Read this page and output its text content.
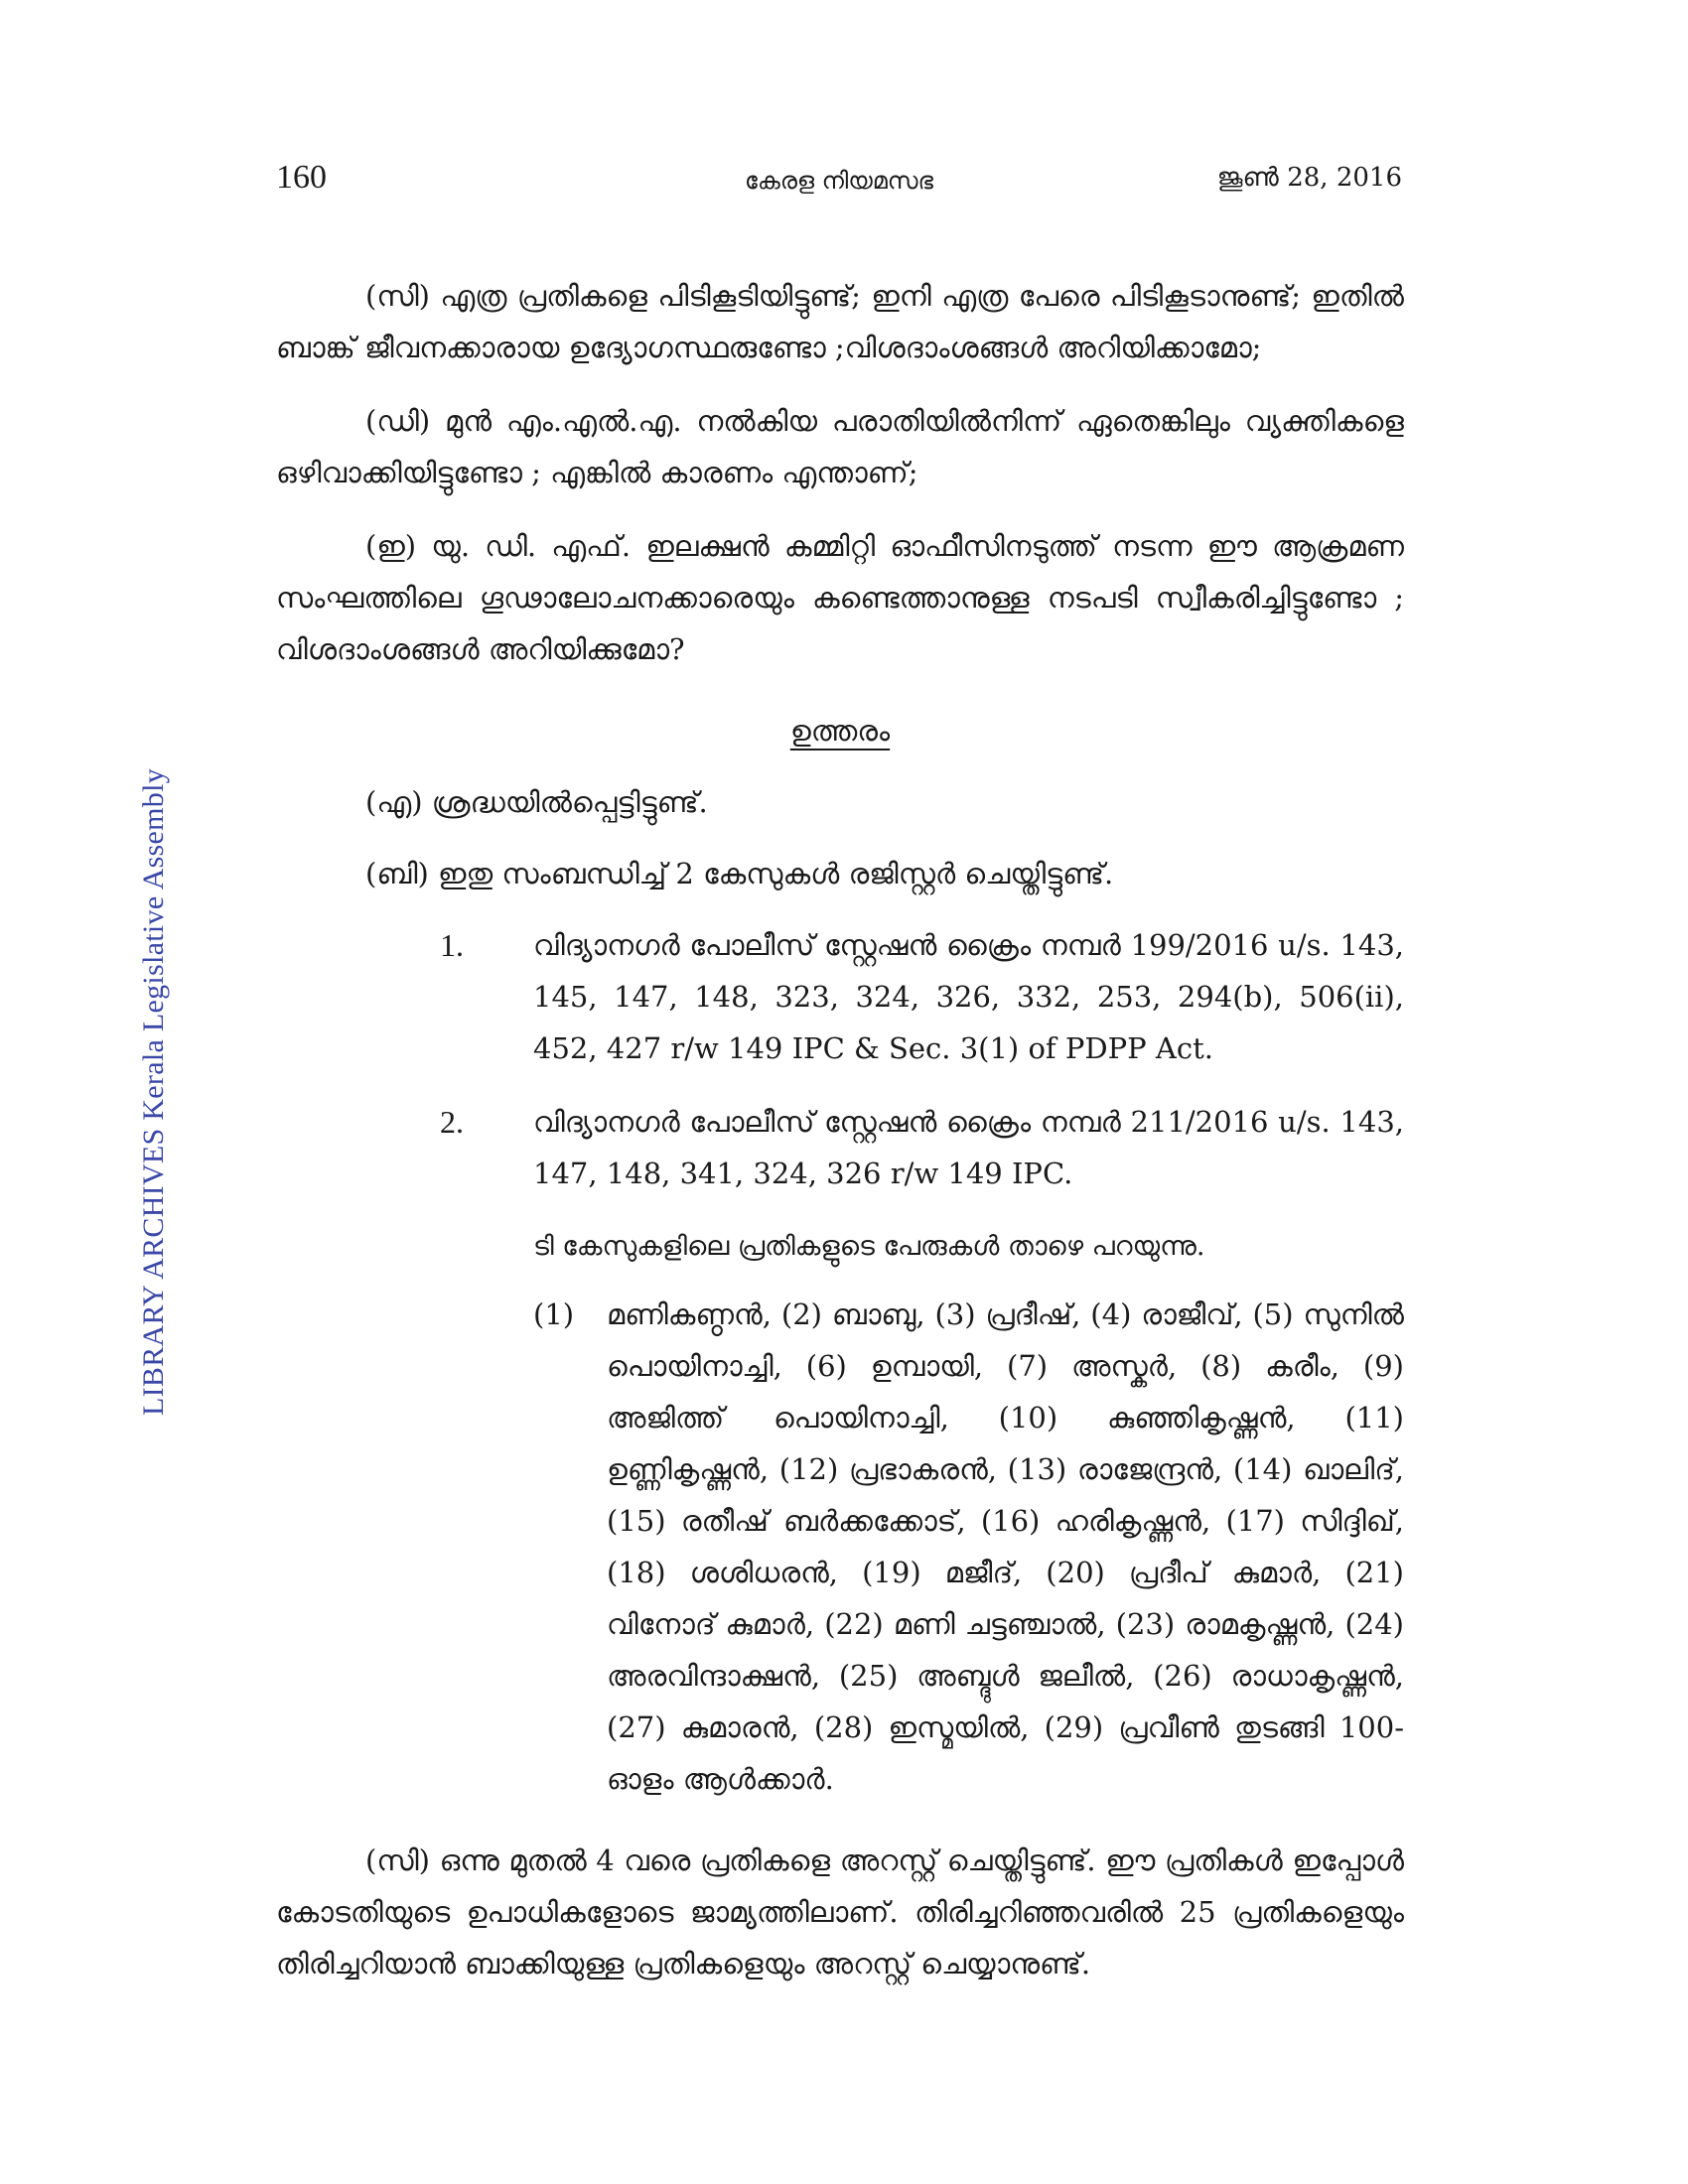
LIBRARY ARCHIVES Kerala Legislative Assembly
160	കേരള നിയമസഭ	ജൂൺ 28, 2016

(സി) എത്ര പ്രതികളെ പിടികൂടിയിട്ടുണ്ട്; ഇനി എത്ര പേരെ പിടികൂടാനുണ്ട്; ഇതിൽ ബാങ്ക് ജീവനക്കാരായ ഉദ്യോഗസ്ഥരുണ്ടോ ;വിശദാംശങ്ങൾ അറിയിക്കാമോ;

(ഡി) മുൻ എം.എൽ.എ. നൽകിയ പരാതിയിൽനിന്ന് ഏതെങ്കിലും വ്യക്തികളെ ഒഴിവാക്കിയിട്ടുണ്ടോ ; എങ്കിൽ കാരണം എന്താണ്;

(ഇ) യു. ഡി. എഫ്. ഇലക്ഷൻ കമ്മിറ്റി ഓഫീസിനടുത്ത് നടന്ന ഈ ആക്രമണ സംഘത്തിലെ ഗൂഢാലോചനക്കാരെയും കണ്ടെത്താനുള്ള നടപടി സ്വീകരിച്ചിട്ടുണ്ടോ ; വിശദാംശങ്ങൾ അറിയിക്കുമോ?

ഉത്തരം

(എ) ശ്രദ്ധയിൽപ്പെട്ടിട്ടുണ്ട്.

(ബി) ഇതു സംബന്ധിച്ച് 2 കേസുകൾ രജിസ്റ്റർ ചെയ്തിട്ടുണ്ട്.

1.	വിദ്യാനഗർ പോലീസ് സ്റ്റേഷൻ ക്രൈം നമ്പർ 199/2016 u/s. 143, 145, 147, 148, 323, 324, 326, 332, 253, 294(b), 506(ii), 452, 427 r/w 149 IPC & Sec. 3(1) of PDPP Act.
2.	വിദ്യാനഗർ പോലീസ് സ്റ്റേഷൻ ക്രൈം നമ്പർ 211/2016 u/s. 143, 147, 148, 341, 324, 326 r/w 149 IPC.

ടി കേസുകളിലെ പ്രതികളുടെ പേരുകൾ താഴെ പറയുന്നു.

(1)	മണികണ്ഠൻ, (2) ബാബു, (3) പ്രദീഷ്, (4) രാജീവ്, (5) സുനിൽ പൊയിനാച്ചി, (6) ഉമ്പായി, (7) അസ്കർ, (8) കരീം, (9) അജിത്ത് പൊയിനാച്ചി, (10) കുഞ്ഞികൃഷ്ണൻ, (11) ഉണ്ണികൃഷ്ണൻ, (12) പ്രഭാകരൻ, (13) രാജേന്ദ്രൻ, (14) ഖാലിദ്, (15) രതീഷ് ബർക്കക്കോട്, (16) ഹരികൃഷ്ണൻ, (17) സിദ്ദിഖ്, (18) ശശിധരൻ, (19) മജീദ്, (20) പ്രദീപ് കുമാർ, (21) വിനോദ് കുമാർ, (22) മണി ചട്ടഞ്ചാൽ, (23) രാമകൃഷ്ണൻ, (24) അരവിന്ദാക്ഷൻ, (25) അബ്ദുൾ ജലീൽ, (26) രാധാകൃഷ്ണൻ, (27) കുമാരൻ, (28) ഇസ്മയിൽ, (29) പ്രവീൺ തുടങ്ങി 100-ഓളം ആൾക്കാർ.

(സി) ഒന്നു മുതൽ 4 വരെ പ്രതികളെ അറസ്റ്റ് ചെയ്തിട്ടുണ്ട്. ഈ പ്രതികൾ ഇപ്പോൾ കോടതിയുടെ ഉപാധികളോടെ ജാമ്യത്തിലാണ്. തിരിച്ചറിഞ്ഞവരിൽ 25 പ്രതികളെയും തിരിച്ചറിയാൻ ബാക്കിയുള്ള പ്രതികളെയും അറസ്റ്റ് ചെയ്യാനുണ്ട്.
